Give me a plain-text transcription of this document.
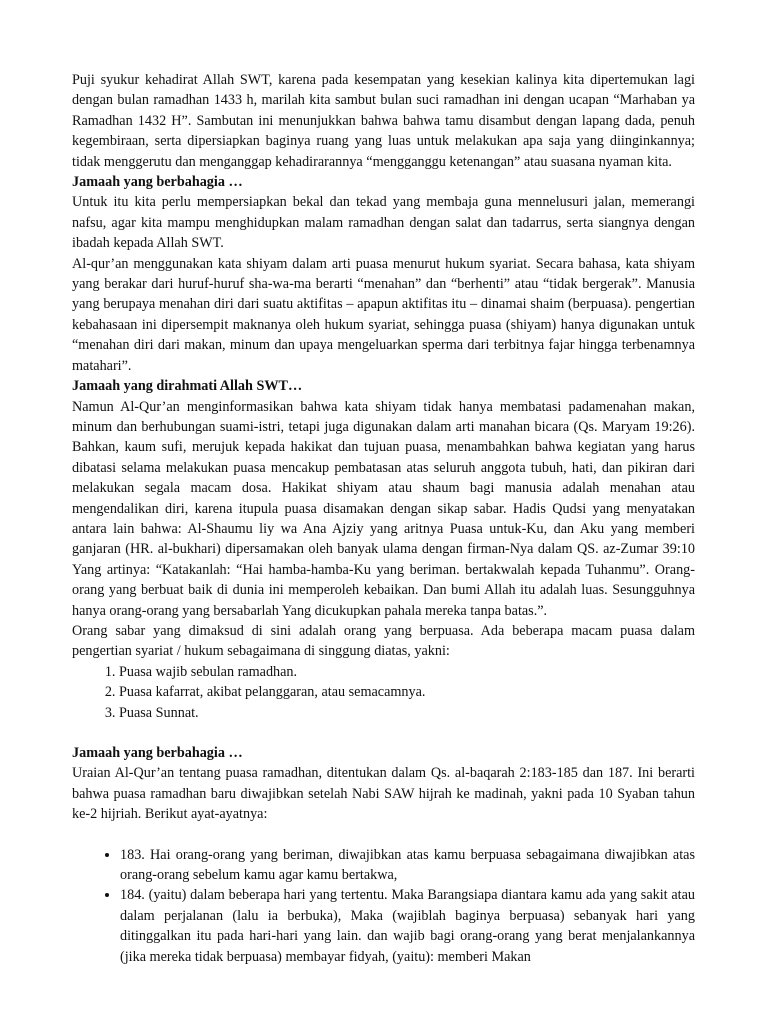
Puji syukur kehadirat Allah SWT, karena pada kesempatan yang kesekian kalinya kita dipertemukan lagi dengan bulan ramadhan 1433 h, marilah kita sambut bulan suci ramadhan ini dengan ucapan “Marhaban ya Ramadhan 1432 H”. Sambutan ini menunjukkan bahwa bahwa tamu disambut dengan lapang dada, penuh kegembiraan, serta dipersiapkan baginya ruang yang luas untuk melakukan apa saja yang diinginkannya; tidak menggerutu dan menganggap kehadirarannya “mengganggu ketenangan” atau suasana nyaman kita.

Jamaah yang berbahagia …

Untuk itu kita perlu mempersiapkan bekal dan tekad yang membaja guna mennelusuri jalan, memerangi nafsu, agar kita mampu menghidupkan malam ramadhan dengan salat dan tadarrus, serta siangnya dengan ibadah kepada Allah SWT.

Al-qur’an menggunakan kata shiyam dalam arti puasa menurut hukum syariat. Secara bahasa, kata shiyam yang berakar dari huruf-huruf sha-wa-ma berarti “menahan” dan “berhenti” atau “tidak bergerak”. Manusia yang berupaya menahan diri dari suatu aktifitas – apapun aktifitas itu – dinamai shaim (berpuasa). pengertian kebahasaan ini dipersempit maknanya oleh hukum syariat, sehingga puasa (shiyam) hanya digunakan untuk “menahan diri dari makan, minum dan upaya mengeluarkan sperma dari terbitnya fajar hingga terbenamnya matahari”.

Jamaah yang dirahmati Allah SWT…

Namun Al-Qur’an menginformasikan bahwa kata shiyam tidak hanya membatasi padamenahan makan, minum dan berhubungan suami-istri, tetapi juga digunakan dalam arti manahan bicara (Qs. Maryam 19:26). Bahkan, kaum sufi, merujuk kepada hakikat dan tujuan puasa, menambahkan bahwa kegiatan yang harus dibatasi selama melakukan puasa mencakup pembatasan atas seluruh anggota tubuh, hati, dan pikiran dari melakukan segala macam dosa. Hakikat shiyam atau shaum bagi manusia adalah menahan atau mengendalikan diri, karena itupula puasa disamakan dengan sikap sabar. Hadis Qudsi yang menyatakan antara lain bahwa: Al-Shaumu liy wa Ana Ajziy yang aritnya Puasa untuk-Ku, dan Aku yang memberi ganjaran (HR. al-bukhari) dipersamakan oleh banyak ulama dengan firman-Nya dalam QS. az-Zumar 39:10 Yang artinya: “Katakanlah: “Hai hamba-hamba-Ku yang beriman. bertakwalah kepada Tuhanmu”. Orang-orang yang berbuat baik di dunia ini memperoleh kebaikan. Dan bumi Allah itu adalah luas. Sesungguhnya hanya orang-orang yang bersabarlah Yang dicukupkan pahala mereka tanpa batas.”.

Orang sabar yang dimaksud di sini adalah orang yang berpuasa. Ada beberapa macam puasa dalam pengertian syariat / hukum sebagaimana di singgung diatas, yakni:

1. Puasa wajib sebulan ramadhan.
2. Puasa kafarrat, akibat pelanggaran, atau semacamnya.
3. Puasa Sunnat.

Jamaah yang berbahagia …

Uraian Al-Qur’an tentang puasa ramadhan, ditentukan dalam Qs. al-baqarah 2:183-185 dan 187. Ini berarti bahwa puasa ramadhan baru diwajibkan setelah Nabi SAW hijrah ke madinah, yakni pada 10 Syaban tahun ke-2 hijriah. Berikut ayat-ayatnya:

• 183. Hai orang-orang yang beriman, diwajibkan atas kamu berpuasa sebagaimana diwajibkan atas orang-orang sebelum kamu agar kamu bertakwa,
• 184. (yaitu) dalam beberapa hari yang tertentu. Maka Barangsiapa diantara kamu ada yang sakit atau dalam perjalanan (lalu ia berbuka), Maka (wajiblah baginya berpuasa) sebanyak hari yang ditinggalkan itu pada hari-hari yang lain. dan wajib bagi orang-orang yang berat menjalankannya (jika mereka tidak berpuasa) membayar fidyah, (yaitu): memberi Makan
